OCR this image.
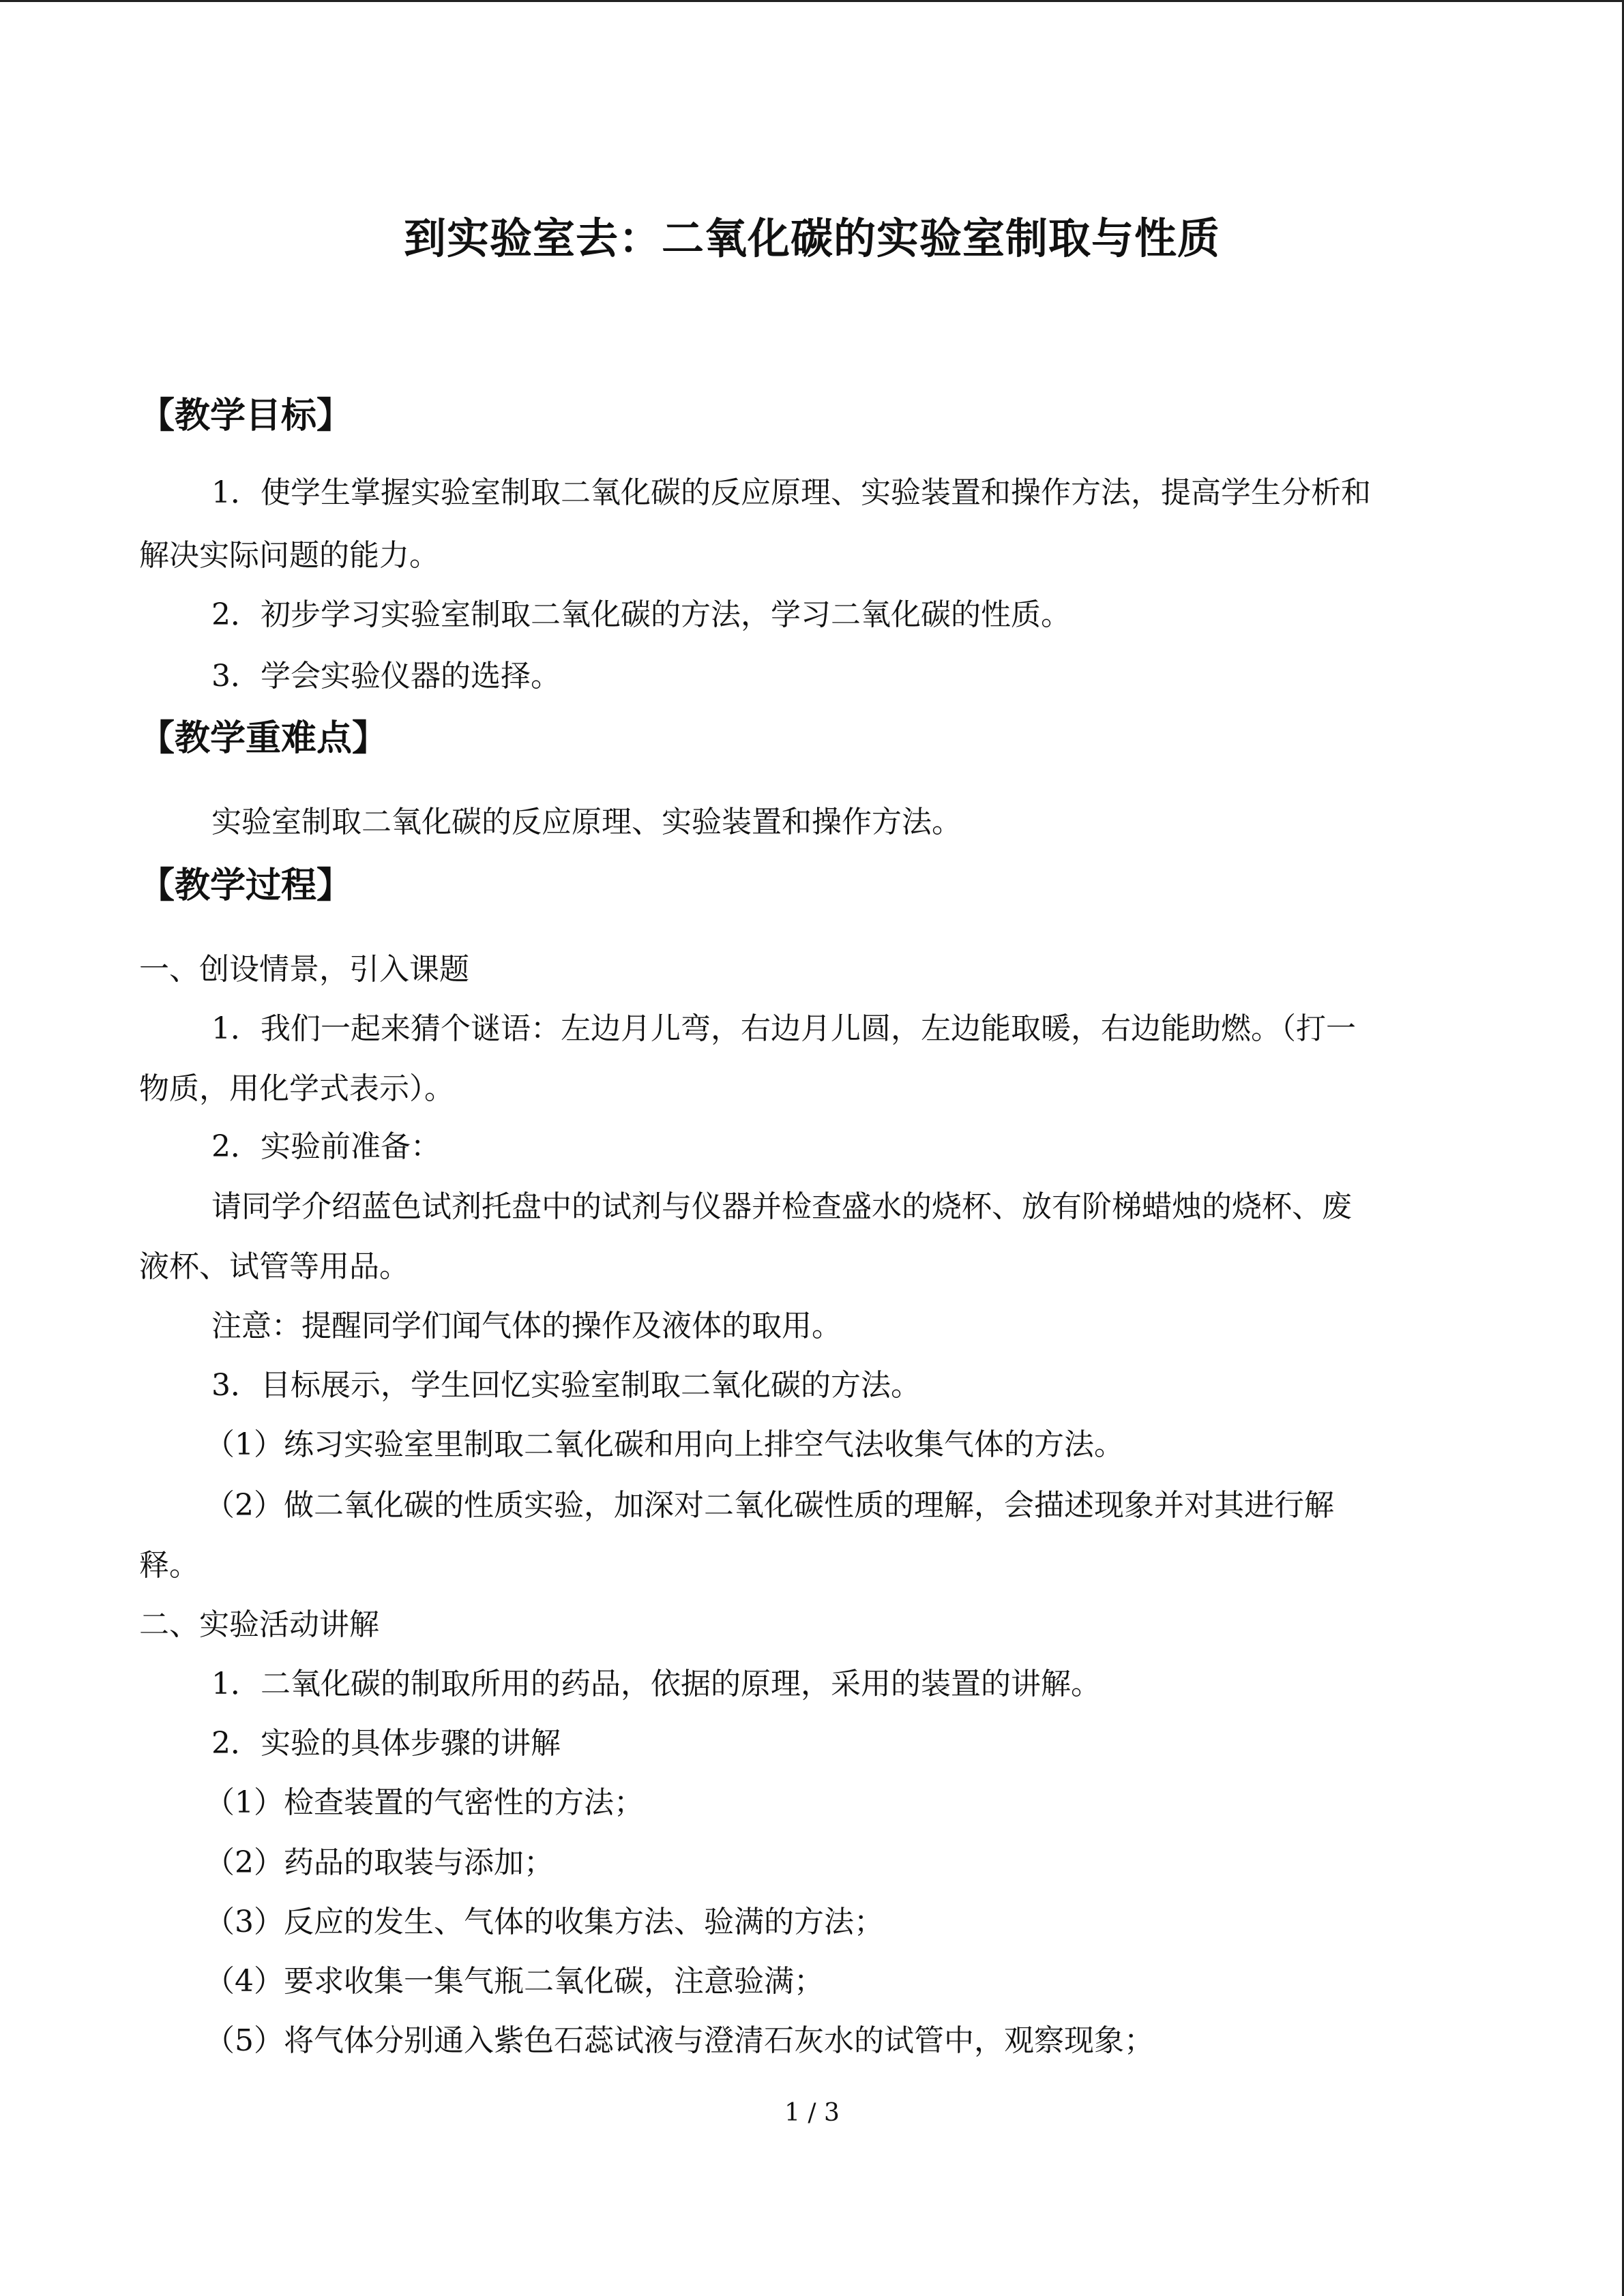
到实验室去：二氧化碳的实验室制取与性质
【教学目标】

1．使学生掌握实验室制取二氧化碳的反应原理、实验装置和操作方法，提高学生分析和

解决实际问题的能力。

2．初步学习实验室制取二氧化碳的方法，学习二氧化碳的性质。

3．学会实验仪器的选择。

【教学重难点】

实验室制取二氧化碳的反应原理、实验装置和操作方法。

【教学过程】

一、创设情景，引入课题

1．我们一起来猜个谜语：左边月儿弯，右边月儿圆，左边能取暖，右边能助燃。（打一

物质，用化学式表示）。

2．实验前准备：

请同学介绍蓝色试剂托盘中的试剂与仪器并检查盛水的烧杯、放有阶梯蜡烛的烧杯、废

液杯、试管等用品。

注意：提醒同学们闻气体的操作及液体的取用。

3．目标展示，学生回忆实验室制取二氧化碳的方法。

（1）练习实验室里制取二氧化碳和用向上排空气法收集气体的方法。

（2）做二氧化碳的性质实验，加深对二氧化碳性质的理解，会描述现象并对其进行解

释。

二、实验活动讲解

1．二氧化碳的制取所用的药品，依据的原理，采用的装置的讲解。

2．实验的具体步骤的讲解

（1）检查装置的气密性的方法；

（2）药品的取装与添加；

（3）反应的发生、气体的收集方法、验满的方法；

（4）要求收集一集气瓶二氧化碳，注意验满；

（5）将气体分别通入紫色石蕊试液与澄清石灰水的试管中，观察现象；

1 / 3
